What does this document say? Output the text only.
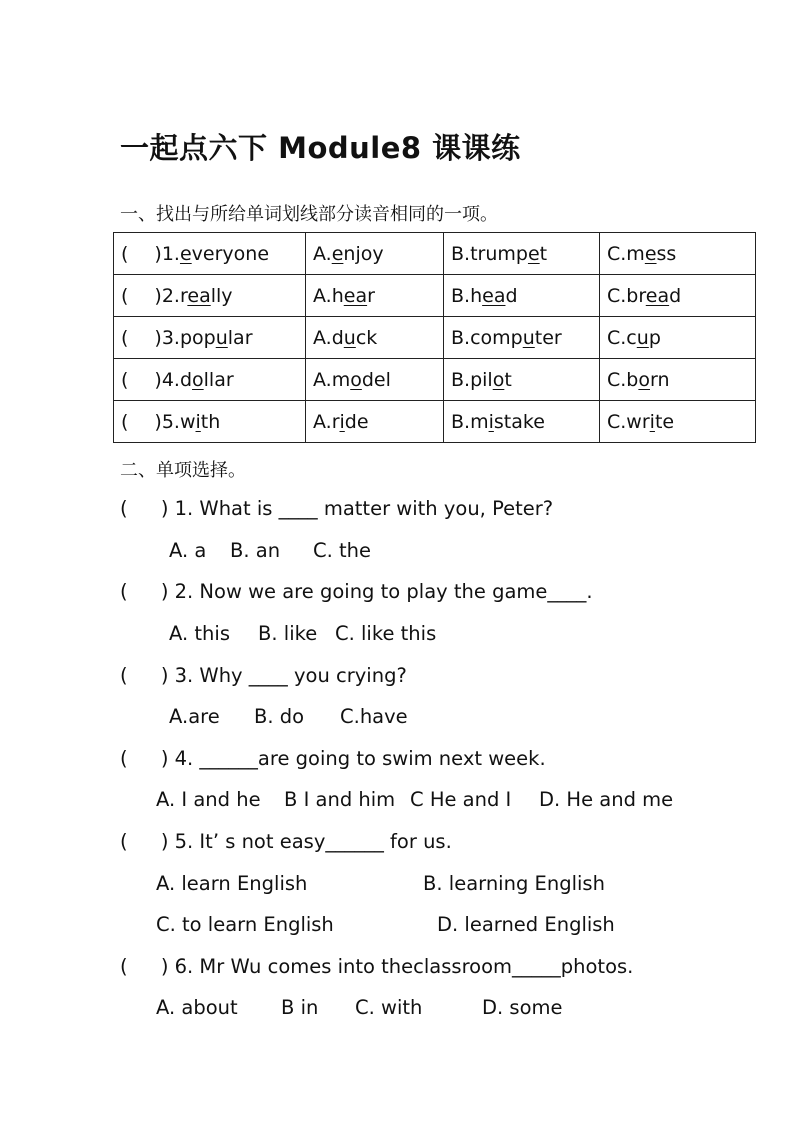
一起点六下 Module8 课课练
一、找出与所给单词划线部分读音相同的一项。
( )1.everyone	A.enjoy	B.trumpet	C.mess
( )2.really	A.hear	B.head	C.bread
( )3.popular	A.duck	B.computer	C.cup
( )4.dollar	A.model	B.pilot	C.born
( )5.with	A.ride	B.mistake	C.write
二、单项选择。
( ) 1. What is ____ matter with you, Peter?
A. a B. an C. the
( ) 2. Now we are going to play the game____.
A. this B. like C. like this
( ) 3. Why ____ you crying?
A.are B. do C.have
( ) 4. ______are going to swim next week.
A. I and he B I and him C He and I D. He and me
( ) 5. It’ s not easy______ for us.
A. learn English	B. learning English
C. to learn English	D. learned English
( ) 6. Mr Wu comes into theclassroom_____photos.
A. about B in C. with	D. some
